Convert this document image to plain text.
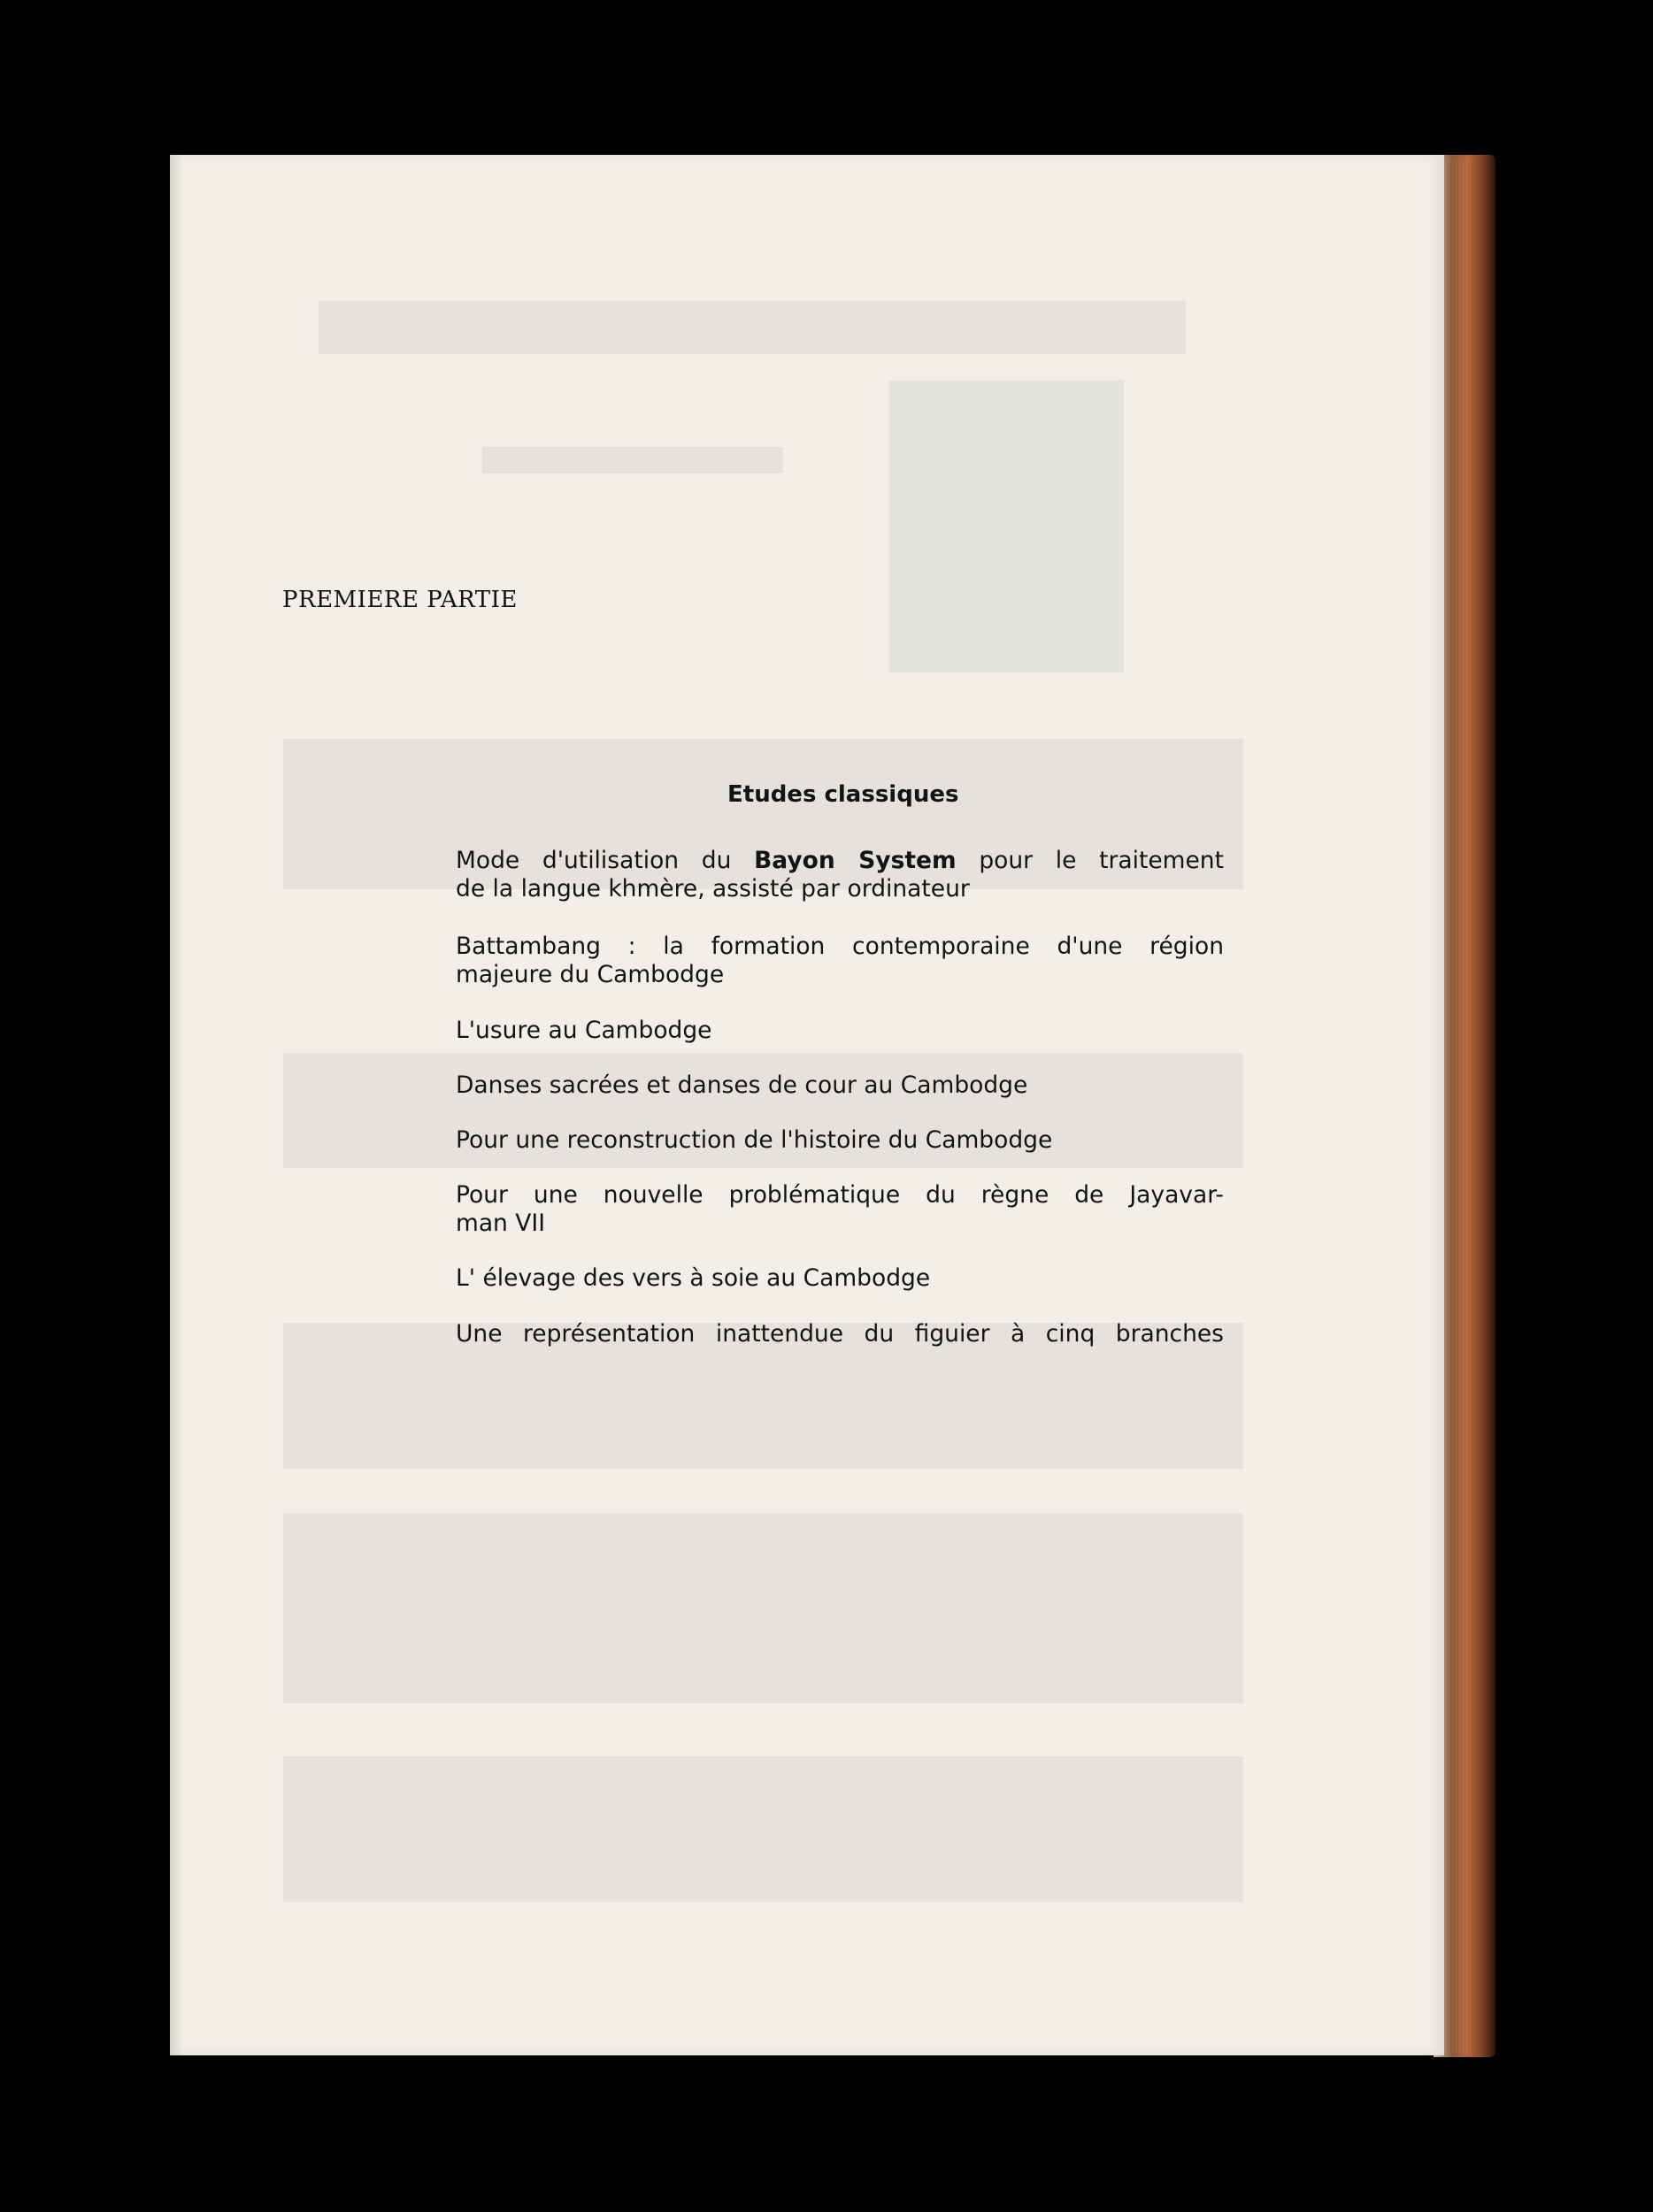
PREMIERE PARTIE
Etudes classiques
Mode d'utilisation du Bayon System pour le traitement
de la langue khmère, assisté par ordinateur
Battambang : la formation contemporaine d'une région
majeure du Cambodge
L'usure au Cambodge
Danses sacrées et danses de cour au Cambodge
Pour une reconstruction de l'histoire du Cambodge
Pour une nouvelle problématique du règne de Jayavar-
man VII
L' élevage des vers à soie au Cambodge
Une représentation inattendue du figuier à cinq branches
